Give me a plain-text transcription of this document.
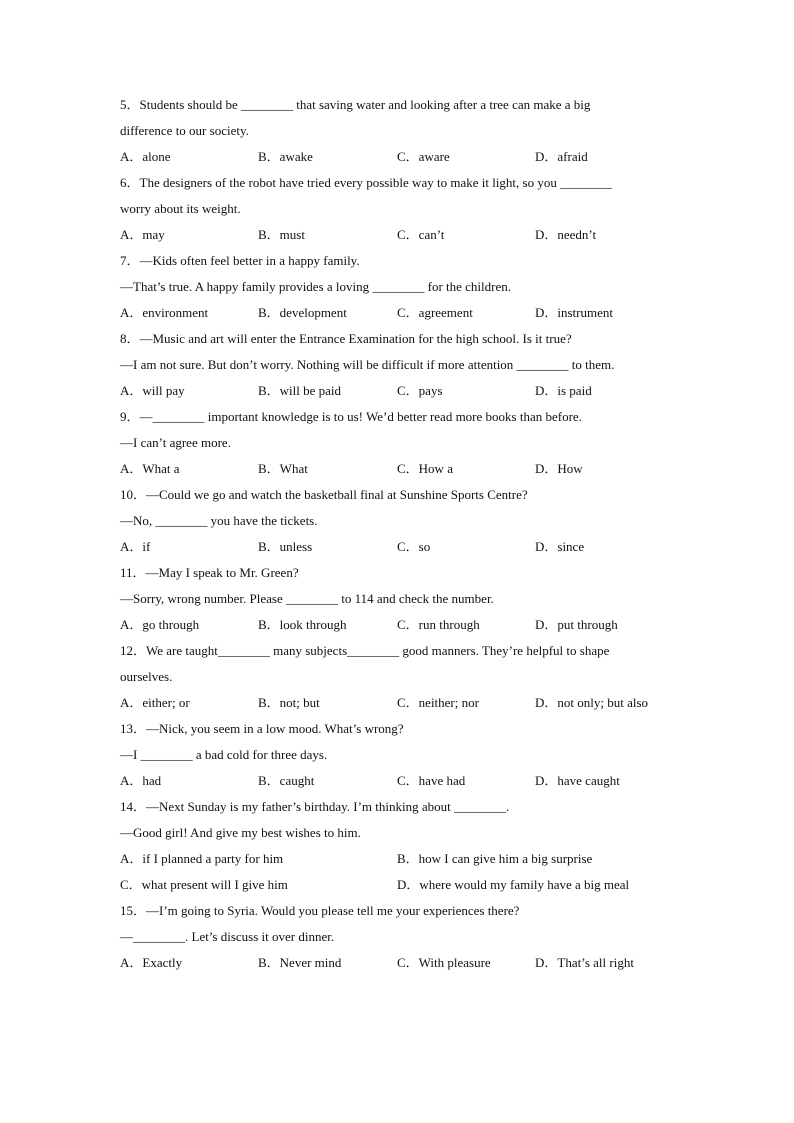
5．Students should be ________ that saving water and looking after a tree can make a big
difference to our society.
A．alone	B．awake	C．aware	D．afraid
6．The designers of the robot have tried every possible way to make it light, so you ________
worry about its weight.
A．may	B．must	C．can’t	D．needn’t
7．—Kids often feel better in a happy family.
—That’s true. A happy family provides a loving ________ for the children.
A．environment	B．development	C．agreement	D．instrument
8．—Music and art will enter the Entrance Examination for the high school. Is it true?
—I am not sure. But don’t worry. Nothing will be difficult if more attention ________ to them.
A．will pay	B．will be paid	C．pays	D．is paid
9．—________ important knowledge is to us! We’d better read more books than before.
—I can’t agree more.
A．What a	B．What	C．How a	D．How
10．—Could we go and watch the basketball final at Sunshine Sports Centre?
—No, ________ you have the tickets.
A．if	B．unless	C．so	D．since
11．—May I speak to Mr. Green?
—Sorry, wrong number. Please ________ to 114 and check the number.
A．go through	B．look through	C．run through	D．put through
12．We are taught________ many subjects________ good manners. They’re helpful to shape
ourselves.
A．either; or	B．not; but	C．neither; nor	D．not only; but also
13．—Nick, you seem in a low mood. What’s wrong?
—I ________ a bad cold for three days.
A．had	B．caught	C．have had	D．have caught
14．—Next Sunday is my father’s birthday. I’m thinking about ________.
—Good girl! And give my best wishes to him.
A．if I planned a party for him	B．how I can give him a big surprise
C．what present will I give him	D．where would my family have a big meal
15．—I’m going to Syria. Would you please tell me your experiences there?
—________. Let’s discuss it over dinner.
A．Exactly	B．Never mind	C．With pleasure	D．That’s all right
